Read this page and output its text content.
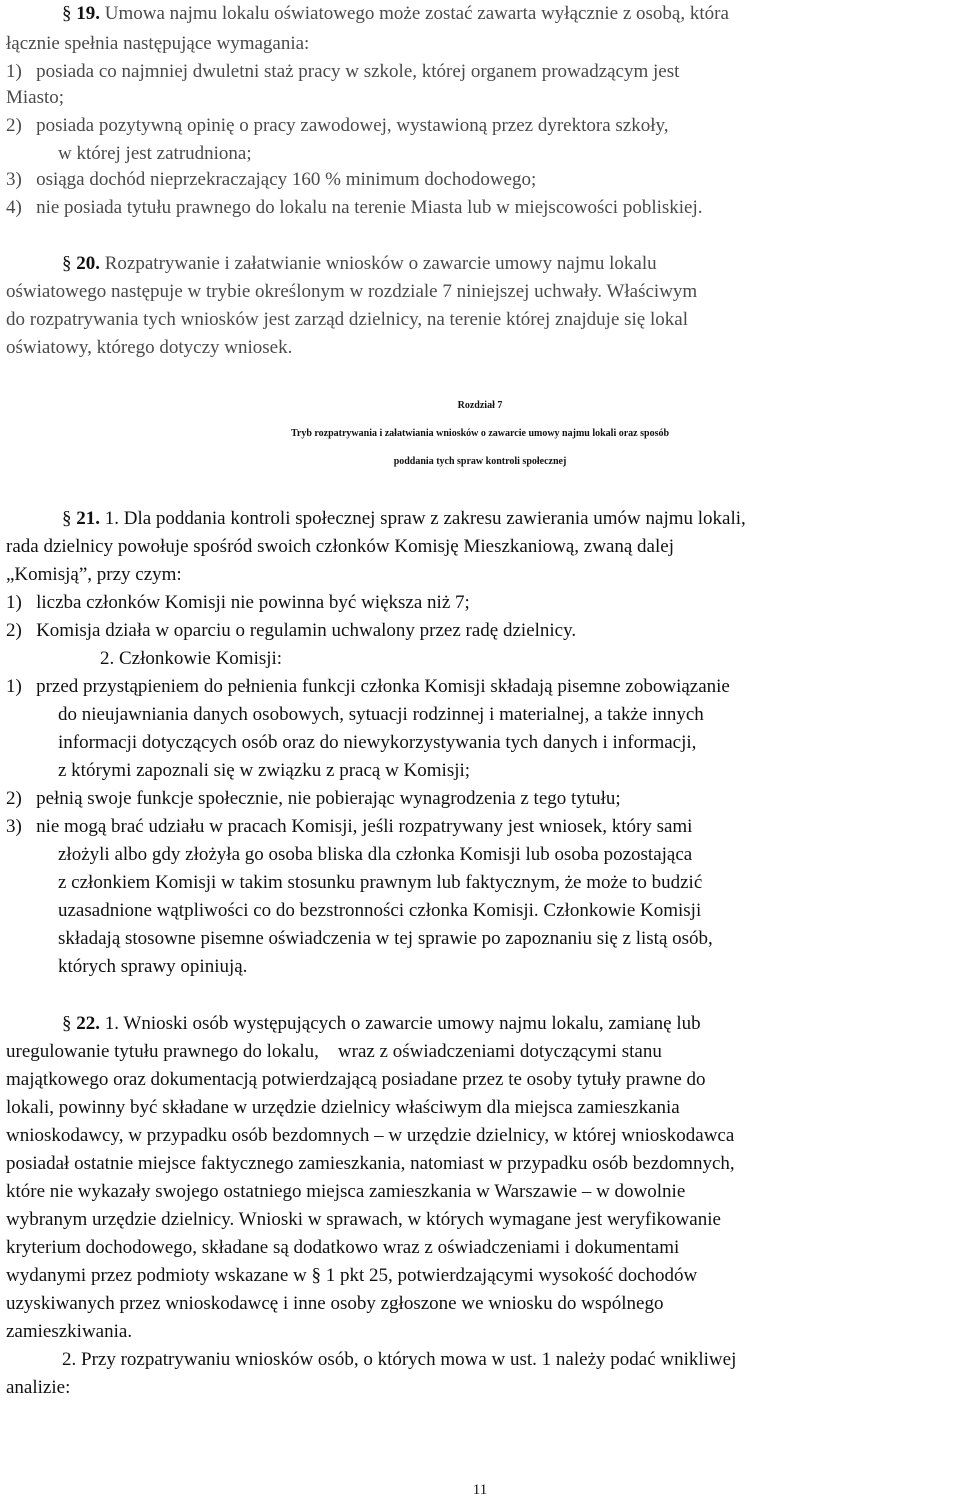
§ 19. Umowa najmu lokalu oświatowego może zostać zawarta wyłącznie z osobą, która
łącznie spełnia następujące wymagania:
1)   posiada co najmniej dwuletni staż pracy w szkole, której organem prowadzącym jest
Miasto;
2)   posiada pozytywną opinię o pracy zawodowej, wystawioną przez dyrektora szkoły,
w której jest zatrudniona;
3)   osiąga dochód nieprzekraczający 160 % minimum dochodowego;
4)   nie posiada tytułu prawnego do lokalu na terenie Miasta lub w miejscowości pobliskiej.
§ 20. Rozpatrywanie i załatwianie wniosków o zawarcie umowy najmu lokalu
oświatowego następuje w trybie określonym w rozdziale 7 niniejszej uchwały. Właściwym
do rozpatrywania tych wniosków jest zarząd dzielnicy, na terenie której znajduje się lokal
oświatowy, którego dotyczy wniosek.
Rozdział 7
Tryb rozpatrywania i załatwiania wniosków o zawarcie umowy najmu lokali oraz sposób
poddania tych spraw kontroli społecznej
§ 21. 1. Dla poddania kontroli społecznej spraw z zakresu zawierania umów najmu lokali,
rada dzielnicy powołuje spośród swoich członków Komisję Mieszkaniową, zwaną dalej
„Komisją”, przy czym:
1)   liczba członków Komisji nie powinna być większa niż 7;
2)   Komisja działa w oparciu o regulamin uchwalony przez radę dzielnicy.
2. Członkowie Komisji:
1)   przed przystąpieniem do pełnienia funkcji członka Komisji składają pisemne zobowiązanie
do nieujawniania danych osobowych, sytuacji rodzinnej i materialnej, a także innych
informacji dotyczących osób oraz do niewykorzystywania tych danych i informacji,
z którymi zapoznali się w związku z pracą w Komisji;
2)   pełnią swoje funkcje społecznie, nie pobierając wynagrodzenia z tego tytułu;
3)   nie mogą brać udziału w pracach Komisji, jeśli rozpatrywany jest wniosek, który sami
złożyli albo gdy złożyła go osoba bliska dla członka Komisji lub osoba pozostająca
z członkiem Komisji w takim stosunku prawnym lub faktycznym, że może to budzić
uzasadnione wątpliwości co do bezstronności członka Komisji. Członkowie Komisji
składają stosowne pisemne oświadczenia w tej sprawie po zapoznaniu się z listą osób,
których sprawy opiniują.
§ 22. 1. Wnioski osób występujących o zawarcie umowy najmu lokalu, zamianę lub
uregulowanie tytułu prawnego do lokalu,    wraz z oświadczeniami dotyczącymi stanu
majątkowego oraz dokumentacją potwierdzającą posiadane przez te osoby tytuły prawne do
lokali, powinny być składane w urzędzie dzielnicy właściwym dla miejsca zamieszkania
wnioskodawcy, w przypadku osób bezdomnych – w urzędzie dzielnicy, w której wnioskodawca
posiadał ostatnie miejsce faktycznego zamieszkania, natomiast w przypadku osób bezdomnych,
które nie wykazały swojego ostatniego miejsca zamieszkania w Warszawie – w dowolnie
wybranym urzędzie dzielnicy. Wnioski w sprawach, w których wymagane jest weryfikowanie
kryterium dochodowego, składane są dodatkowo wraz z oświadczeniami i dokumentami
wydanymi przez podmioty wskazane w § 1 pkt 25, potwierdzającymi wysokość dochodów
uzyskiwanych przez wnioskodawcę i inne osoby zgłoszone we wniosku do wspólnego
zamieszkiwania.
2. Przy rozpatrywaniu wniosków osób, o których mowa w ust. 1 należy podać wnikliwej
analizie:
11
